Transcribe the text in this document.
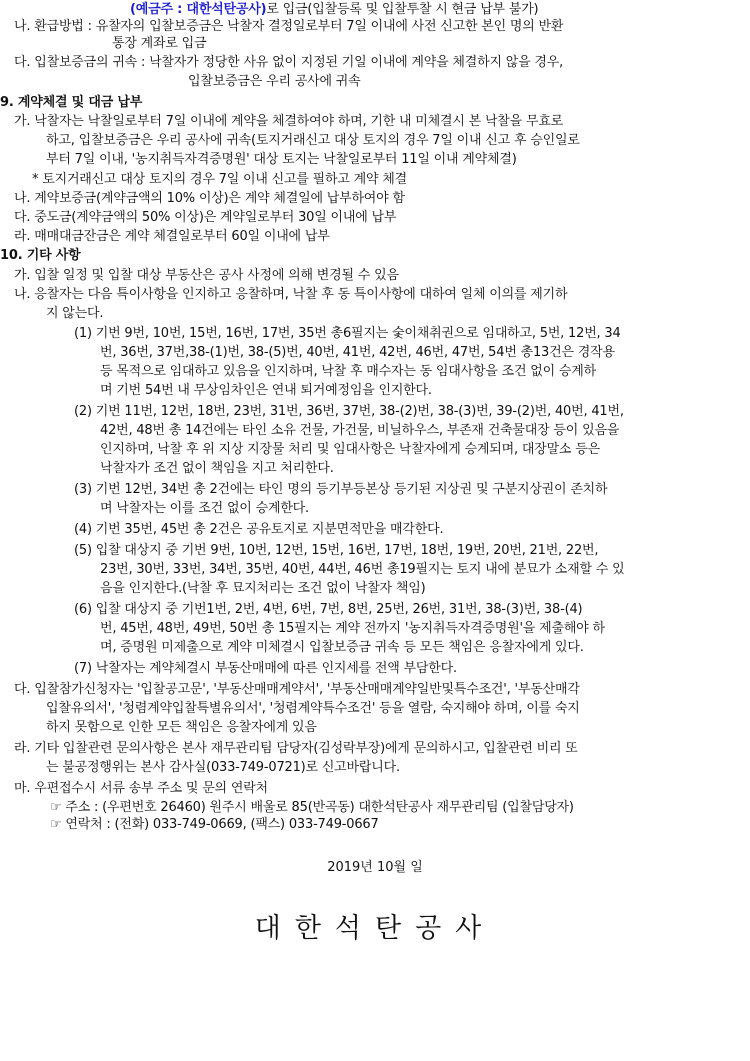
(예금주 : 대한석탄공사)로 입금(입찰등록 및 입찰투찰 시 현금 납부 불가)
나. 환급방법 : 유찰자의 입찰보증금은 낙찰자 결정일로부터 7일 이내에 사전 신고한 본인 명의 반환
통장 계좌로 입금
다. 입찰보증금의 귀속 : 낙찰자가 정당한 사유 없이 지정된 기일 이내에 계약을 체결하지 않을 경우,
입찰보증금은 우리 공사에 귀속
9. 계약체결 및 대금 납부
가. 낙찰자는 낙찰일로부터 7일 이내에 계약을 체결하여야 하며, 기한 내 미체결시 본 낙찰을 무효로
하고, 입찰보증금은 우리 공사에 귀속(토지거래신고 대상 토지의 경우 7일 이내 신고 후 승인일로
부터 7일 이내, '농지취득자격증명원' 대상 토지는 낙찰일로부터 11일 이내 계약체결)
* 토지거래신고 대상 토지의 경우 7일 이내 신고를 필하고 계약 체결
나. 계약보증금(계약금액의 10% 이상)은 계약 체결일에 납부하여야 함
다. 중도금(계약금액의 50% 이상)은 계약일로부터 30일 이내에 납부
라. 매매대금잔금은 계약 체결일로부터 60일 이내에 납부
10. 기타 사항
가. 입찰 일정 및 입찰 대상 부동산은 공사 사정에 의해 변경될 수 있음
나. 응찰자는 다음 특이사항을 인지하고 응찰하며, 낙찰 후 동 특이사항에 대하여 일체 이의를 제기하
지 않는다.
(1) 기번 9번, 10번, 15번, 16번, 17번, 35번 총6필지는 숯이채취권으로 임대하고, 5번, 12번, 34
번, 36번, 37번,38-(1)번, 38-(5)번, 40번, 41번, 42번, 46번, 47번, 54번 총13건은 경작용
등 목적으로 임대하고 있음을 인지하며, 낙찰 후 매수자는 동 임대사항을 조건 없이 승계하
며 기번 54번 내 무상임차인은 연내 퇴거예정임을 인지한다.
(2) 기번 11번, 12번, 18번, 23번, 31번, 36번, 37번, 38-(2)번, 38-(3)번, 39-(2)번, 40번, 41번,
42번, 48번 총 14건에는 타인 소유 건물, 가건물, 비닐하우스, 부존재 건축물대장 등이 있음을
인지하며, 낙찰 후 위 지상 지장물 처리 및 임대사항은 낙찰자에게 승계되며, 대장말소 등은
낙찰자가 조건 없이 책임을 지고 처리한다.
(3) 기번 12번, 34번 총 2건에는 타인 명의 등기부등본상 등기된 지상권 및 구분지상권이 존치하
며 낙찰자는 이를 조건 없이 승계한다.
(4) 기번 35번, 45번 총 2건은 공유토지로 지분면적만을 매각한다.
(5) 입찰 대상지 중 기번 9번, 10번, 12번, 15번, 16번, 17번, 18번, 19번, 20번, 21번, 22번,
23번, 30번, 33번, 34번, 35번, 40번, 44번, 46번 총19필지는 토지 내에 분묘가 소재할 수 있
음을 인지한다.(낙찰 후 묘지처리는 조건 없이 낙찰자 책임)
(6) 입찰 대상지 중 기번1번, 2번, 4번, 6번, 7번, 8번, 25번, 26번, 31번, 38-(3)번, 38-(4)
번, 45번, 48번, 49번, 50번 총 15필지는 계약 전까지 '농지취득자격증명원'을 제출해야 하
며, 증명원 미제출으로 계약 미체결시 입찰보증금 귀속 등 모든 책임은 응찰자에게 있다.
(7) 낙찰자는 계약체결시 부동산매매에 따른 인지세를 전액 부담한다.
다. 입찰참가신청자는 '입찰공고문', '부동산매매계약서', '부동산매매계약일반및특수조건', '부동산매각
입찰유의서', '청렴계약입찰특별유의서', '청렴계약특수조건' 등을 열람, 숙지해야 하며, 이를 숙지
하지 못함으로 인한 모든 책임은 응찰자에게 있음
라. 기타 입찰관련 문의사항은 본사 재무관리팀 담당자(김성락부장)에게 문의하시고, 입찰관련 비리 또
는 불공정행위는 본사 감사실(033-749-0721)로 신고바랍니다.
마. 우편접수시 서류 송부 주소 및 문의 연락처
☞ 주소 : (우편번호 26460) 원주시 배울로 85(반곡동) 대한석탄공사 재무관리팀 (입찰담당자)
☞ 연락처 : (전화) 033-749-0669, (팩스) 033-749-0667
2019년 10월 일
대한석탄공사
